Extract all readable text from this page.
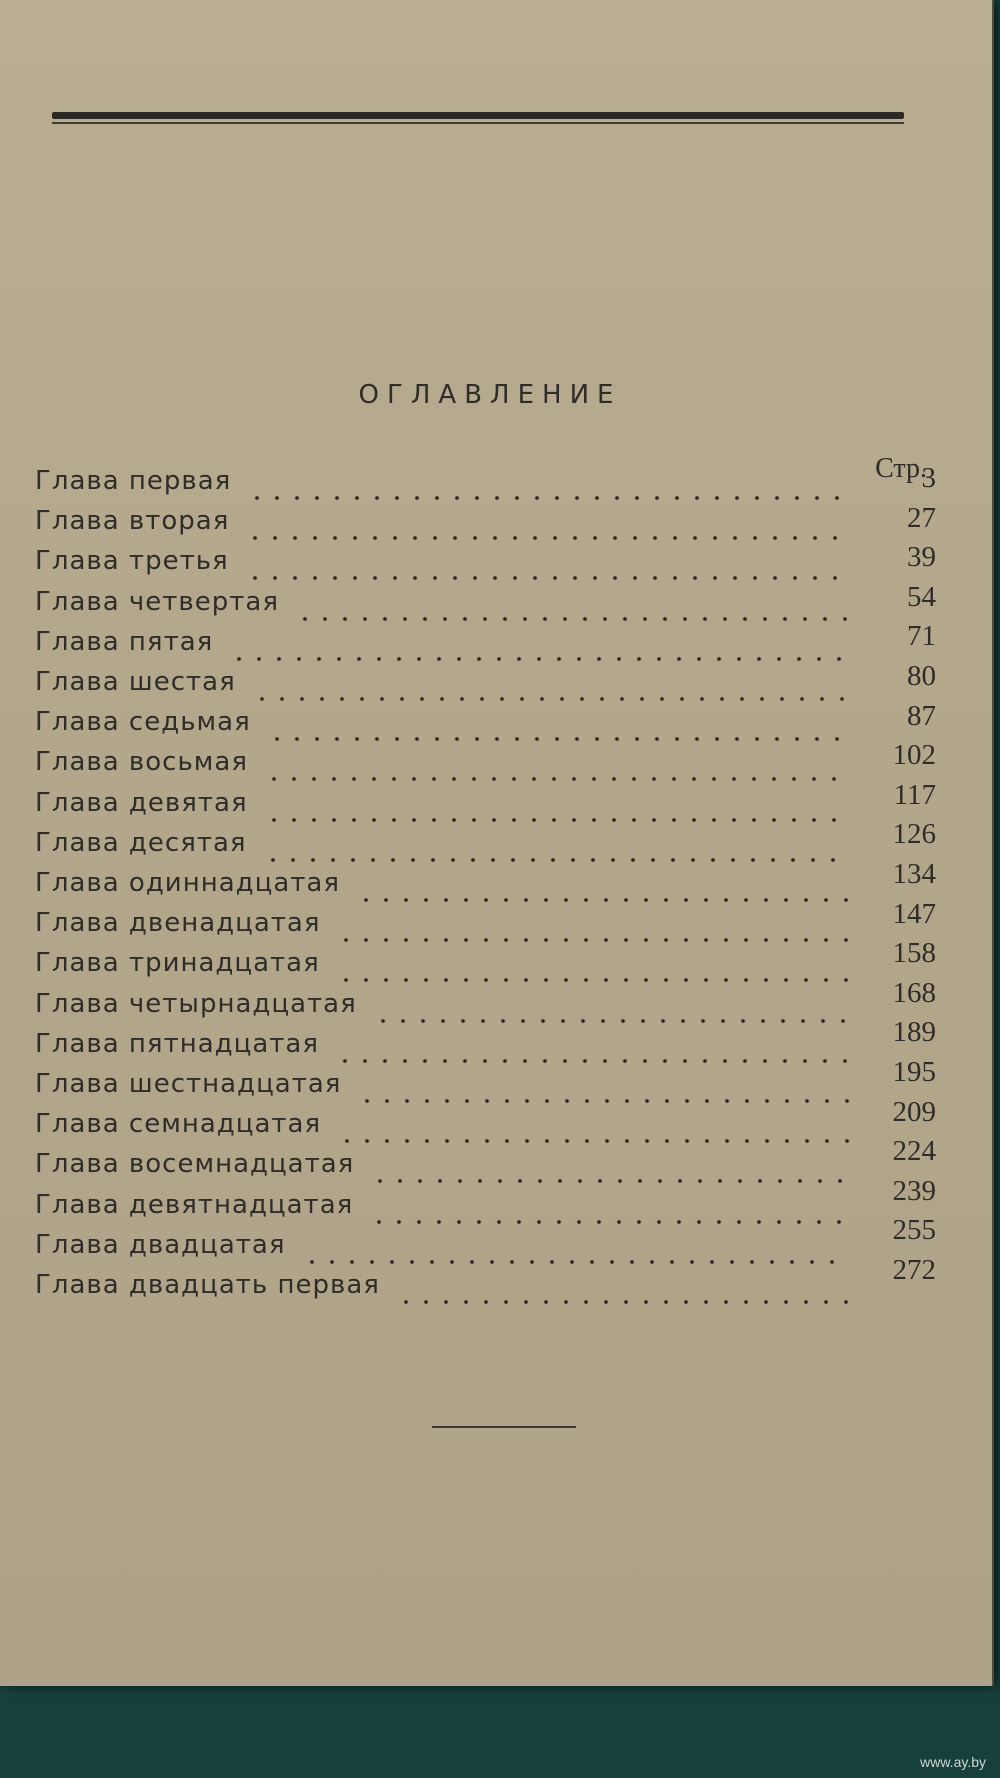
ОГЛАВЛЕНИЕ
Стр.
Глава первая	3
Глава вторая	27
Глава третья	39
Глава четвертая	54
Глава пятая	71
Глава шестая	80
Глава седьмая	87
Глава восьмая	102
Глава девятая	117
Глава десятая	126
Глава одиннадцатая	134
Глава двенадцатая	147
Глава тринадцатая	158
Глава четырнадцатая	168
Глава пятнадцатая	189
Глава шестнадцатая	195
Глава семнадцатая	209
Глава восемнадцатая	224
Глава девятнадцатая	239
Глава двадцатая	255
Глава двадцать первая	272
www.ay.by
